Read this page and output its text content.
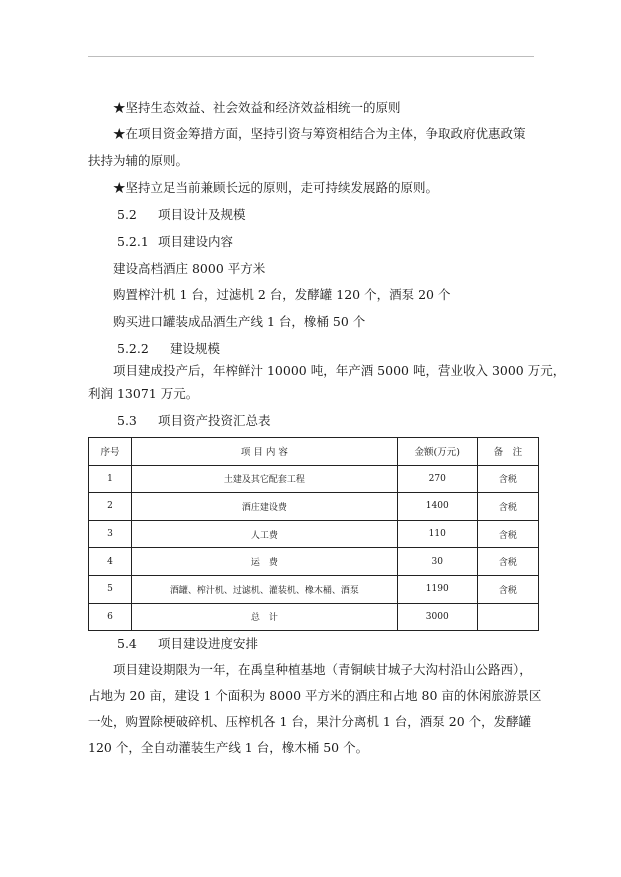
★坚持生态效益、社会效益和经济效益相统一的原则
★在项目资金筹措方面，坚持引资与筹资相结合为主体，争取政府优惠政策
扶持为辅的原则。
★坚持立足当前兼顾长远的原则，走可持续发展路的原则。
5.2 项目设计及规模
5.2.1 项目建设内容
建设高档酒庄 8000 平方米
购置榨汁机 1 台，过滤机 2 台，发酵罐 120 个，酒泵 20 个
购买进口罐装成品酒生产线 1 台，橡桶 50 个
5.2.2 建设规模
项目建成投产后，年榨鲜汁 10000 吨，年产酒 5000 吨，营业收入 3000 万元，
利润 13071 万元。
5.3 项目资产投资汇总表
序号	项 目 内 容	金额(万元)	备　注
1	土建及其它配套工程	270	含税
2	酒庄建设费	1400	含税
3	人工费	110	含税
4	运　费	30	含税
5	酒罐、榨汁机、过滤机、灌装机、橡木桶、酒泵	1190	含税
6	总　计	3000	
5.4 项目建设进度安排
项目建设期限为一年，在禹皇种植基地（青铜峡甘城子大沟村沿山公路西），
占地为 20 亩，建设 1 个面积为 8000 平方米的酒庄和占地 80 亩的休闲旅游景区
一处，购置除梗破碎机、压榨机各 1 台，果汁分离机 1 台，酒泵 20 个，发酵罐
120 个，全自动灌装生产线 1 台，橡木桶 50 个。
